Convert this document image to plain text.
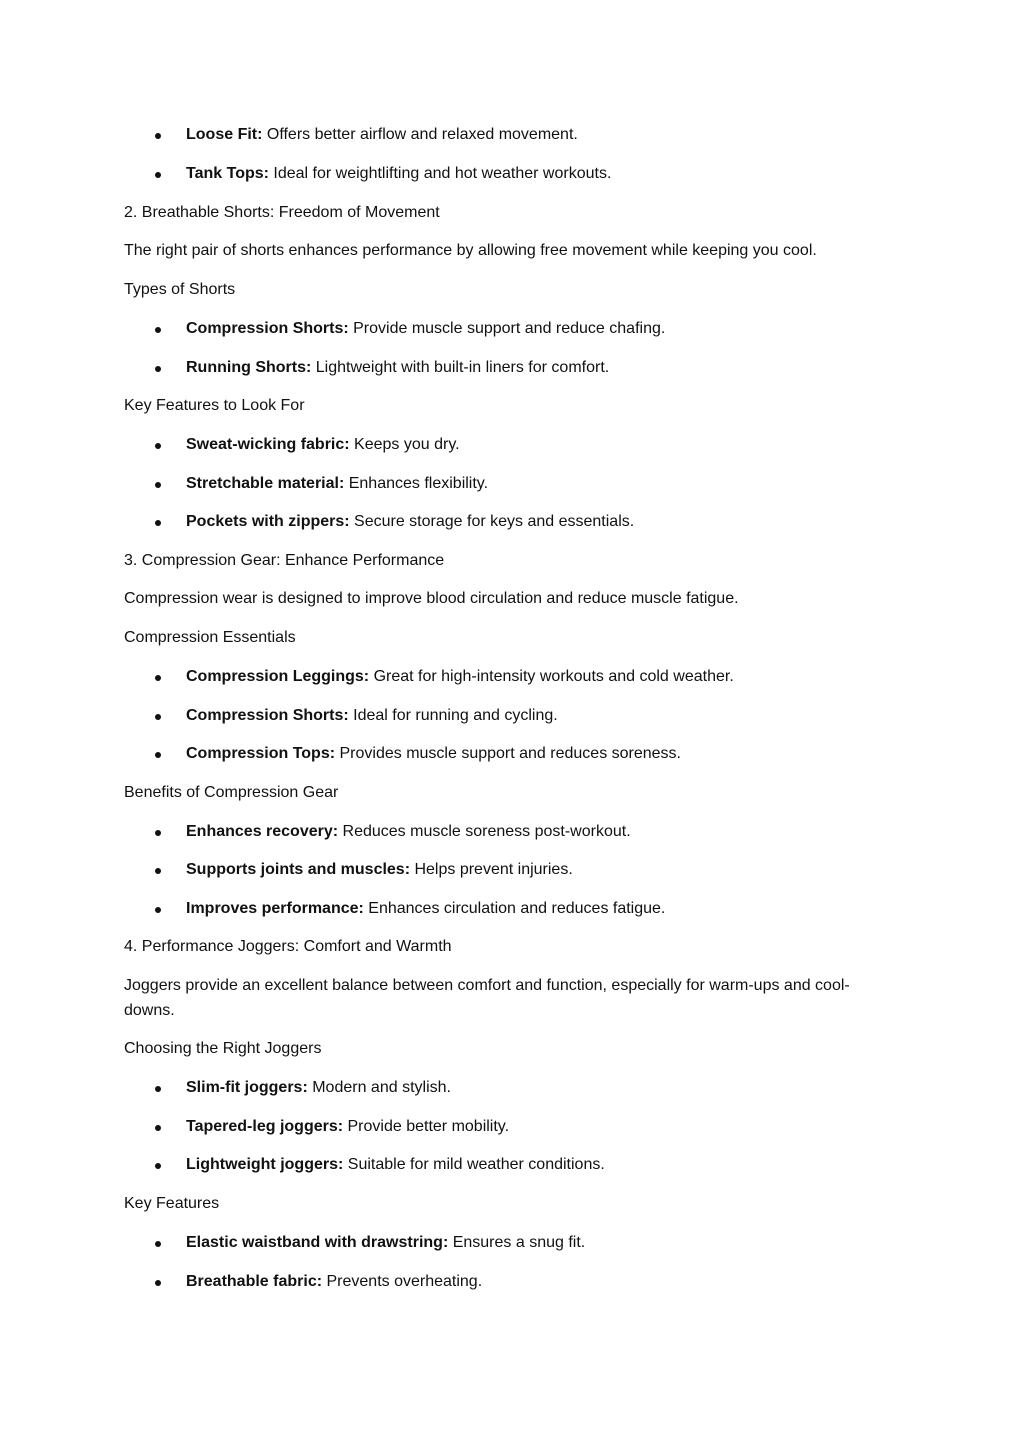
Loose Fit: Offers better airflow and relaxed movement.
Tank Tops: Ideal for weightlifting and hot weather workouts.
2. Breathable Shorts: Freedom of Movement
The right pair of shorts enhances performance by allowing free movement while keeping you cool.
Types of Shorts
Compression Shorts: Provide muscle support and reduce chafing.
Running Shorts: Lightweight with built-in liners for comfort.
Key Features to Look For
Sweat-wicking fabric: Keeps you dry.
Stretchable material: Enhances flexibility.
Pockets with zippers: Secure storage for keys and essentials.
3. Compression Gear: Enhance Performance
Compression wear is designed to improve blood circulation and reduce muscle fatigue.
Compression Essentials
Compression Leggings: Great for high-intensity workouts and cold weather.
Compression Shorts: Ideal for running and cycling.
Compression Tops: Provides muscle support and reduces soreness.
Benefits of Compression Gear
Enhances recovery: Reduces muscle soreness post-workout.
Supports joints and muscles: Helps prevent injuries.
Improves performance: Enhances circulation and reduces fatigue.
4. Performance Joggers: Comfort and Warmth
Joggers provide an excellent balance between comfort and function, especially for warm-ups and cool-downs.
Choosing the Right Joggers
Slim-fit joggers: Modern and stylish.
Tapered-leg joggers: Provide better mobility.
Lightweight joggers: Suitable for mild weather conditions.
Key Features
Elastic waistband with drawstring: Ensures a snug fit.
Breathable fabric: Prevents overheating.
